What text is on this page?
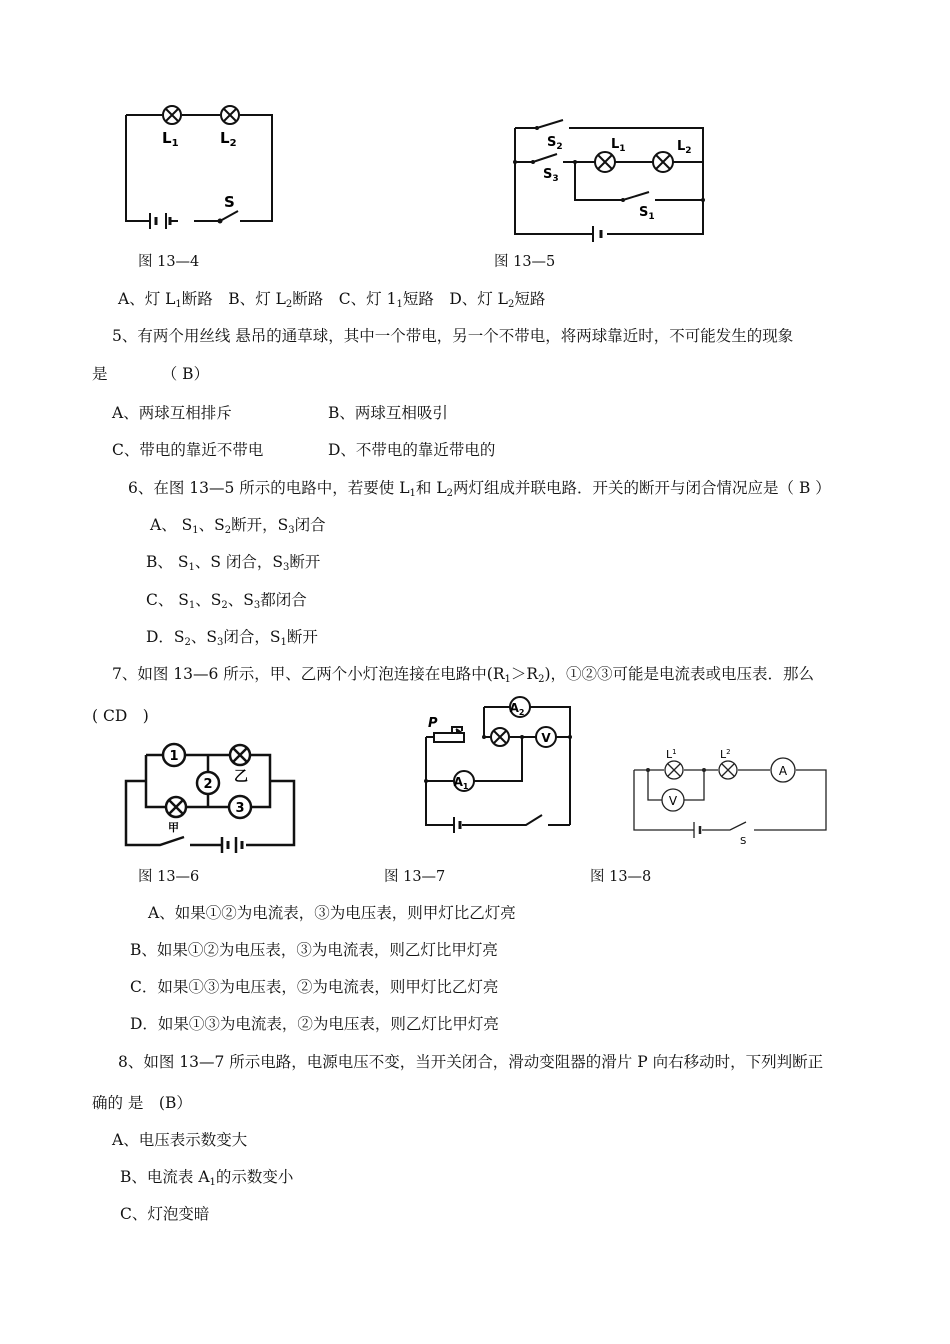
$L_1$	$L_2$
S
图 13—4
$S_2$
$S_3$
$L_1$	$L_2$
$S_1$
图 13—5
A、灯 $L_1$断路　B、灯 $L_2$断路　C、灯 $1_1$短路　D、灯 $L_2$短路
5、有两个用丝线 悬吊的通草球，其中一个带电，另一个不带电，将两球靠近时，不可能发生的现象
是　　　　（ B）
A、两球互相排斥	B、两球互相吸引
C、带电的靠近不带电	D、不带电的靠近带电的
6、在图 13—5 所示的电路中，若要使 $L_1$和 $L_2$两灯组成并联电路．开关的断开与闭合情况应是（ B ）
A、 $S_1$、$S_2$断开，$S_3$闭合
B、 $S_1$、S 闭合，$S_3$断开
C、 $S_1$、$S_2$、$S_3$都闭合
D．$S_2$、$S_3$闭合，$S_1$断开
7、如图 13—6 所示，甲、乙两个小灯泡连接在电路中$(R_1>R_2)$，①②③可能是电流表或电压表．那么
( CD　)
1
2
3
乙
甲
图 13—6
$A_2$
V
$A_1$
P
图 13—7
A
V
$L^1$	$L^2$
S
图 13—8
A、如果①②为电流表，③为电压表，则甲灯比乙灯亮
B、如果①②为电压表，③为电流表，则乙灯比甲灯亮
C．如果①③为电压表，②为电流表，则甲灯比乙灯亮
D．如果①③为电流表，②为电压表，则乙灯比甲灯亮
8、如图 13—7 所示电路，电源电压不变，当开关闭合，滑动变阻器的滑片 P 向右移动时，下列判断正
确的 是　(B）
A、电压表示数变大
B、电流表 $A_1$的示数变小
C、灯泡变暗
